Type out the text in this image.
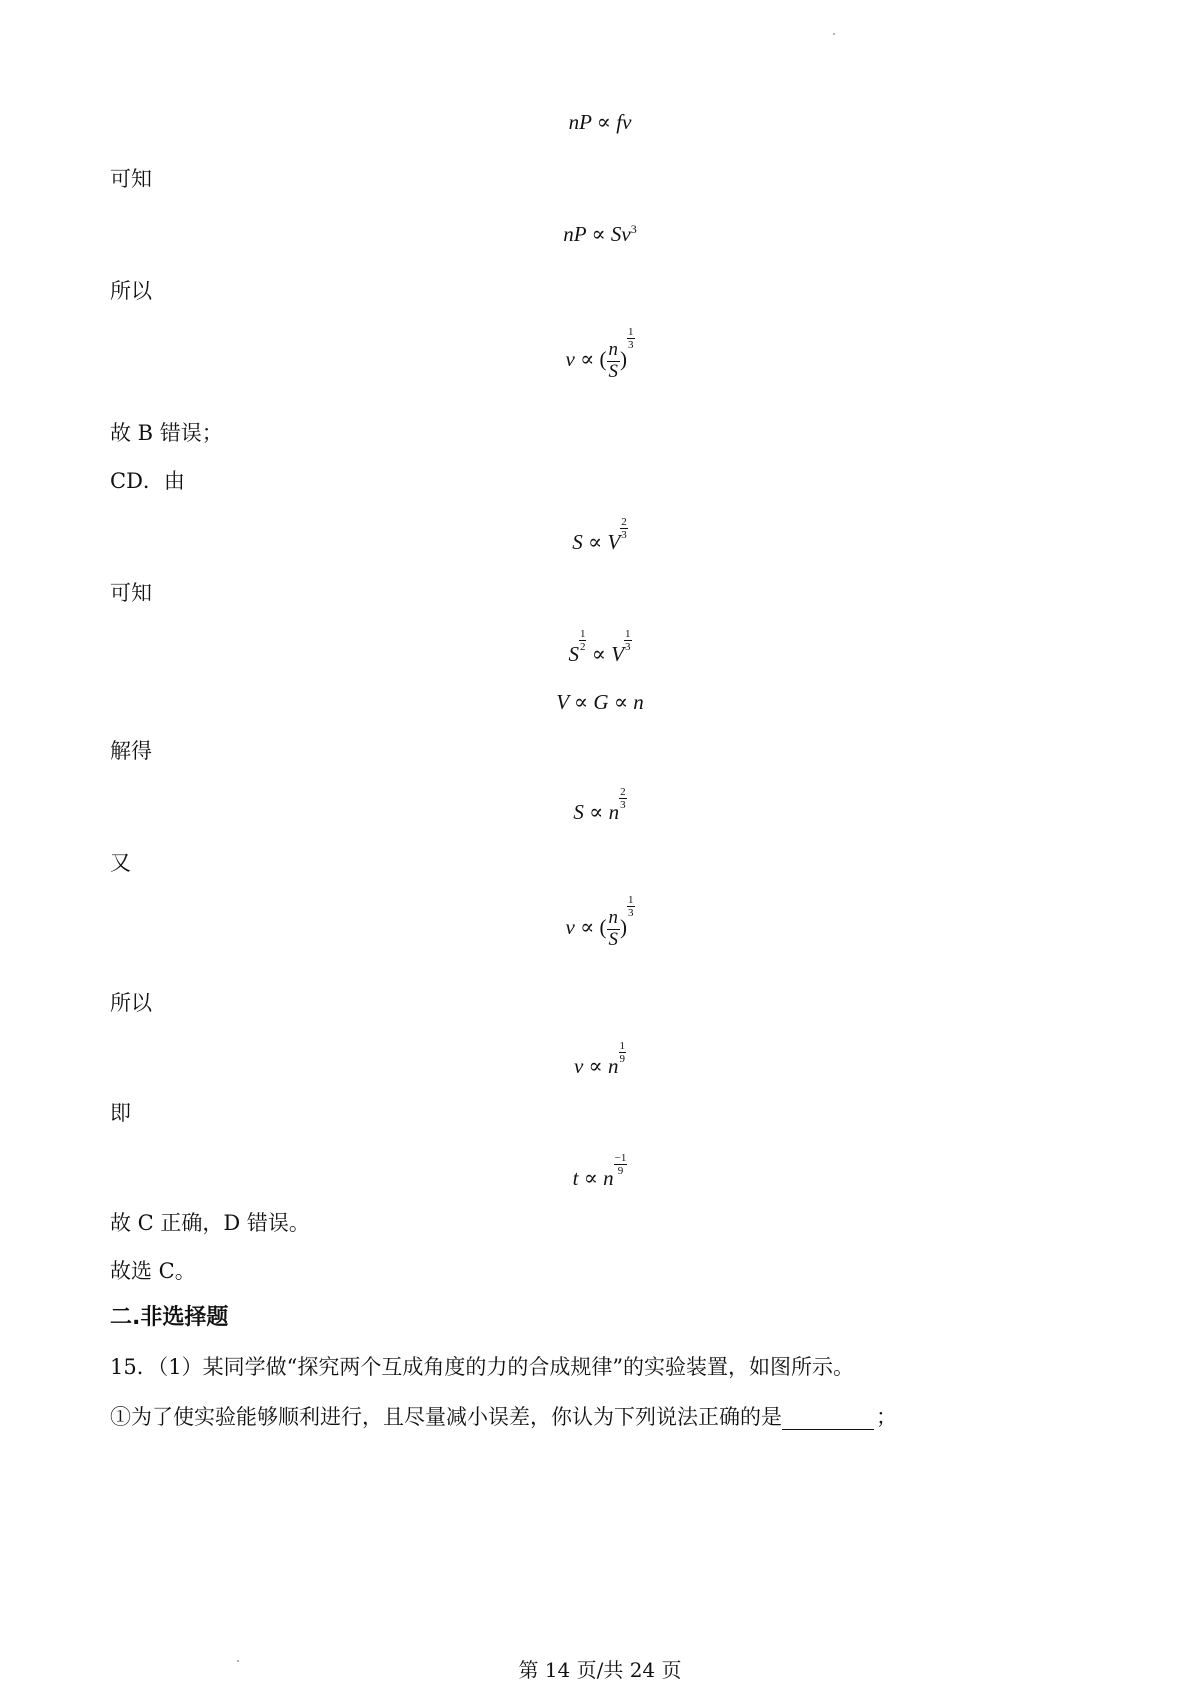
nP ∝ fv
可知
nP ∝ $Sv^3$
所以
v ∝ ( $\frac{n}{S}$ )
$\frac{1}{3}$
故 B 错误；
CD．由
S ∝ V
$\frac{2}{3}$
可知
S
$\frac{1}{2}$
∝ V
$\frac{1}{3}$
V ∝ G ∝ n
解得
S ∝ n
$\frac{2}{3}$
又
v ∝ ( $\frac{n}{S}$ )
$\frac{1}{3}$
所以
v ∝ n
$\frac{1}{9}$
即
t ∝ n
$\frac{-1}{9}$
故 C 正确，D 错误。
故选 C。
二.非选择题
15．（1）某同学做“探究两个互成角度的力的合成规律”的实验装置，如图所示。
①为了使实验能够顺利进行，且尽量减小误差，你认为下列说法正确的是	；
第 14 页/共 24 页
